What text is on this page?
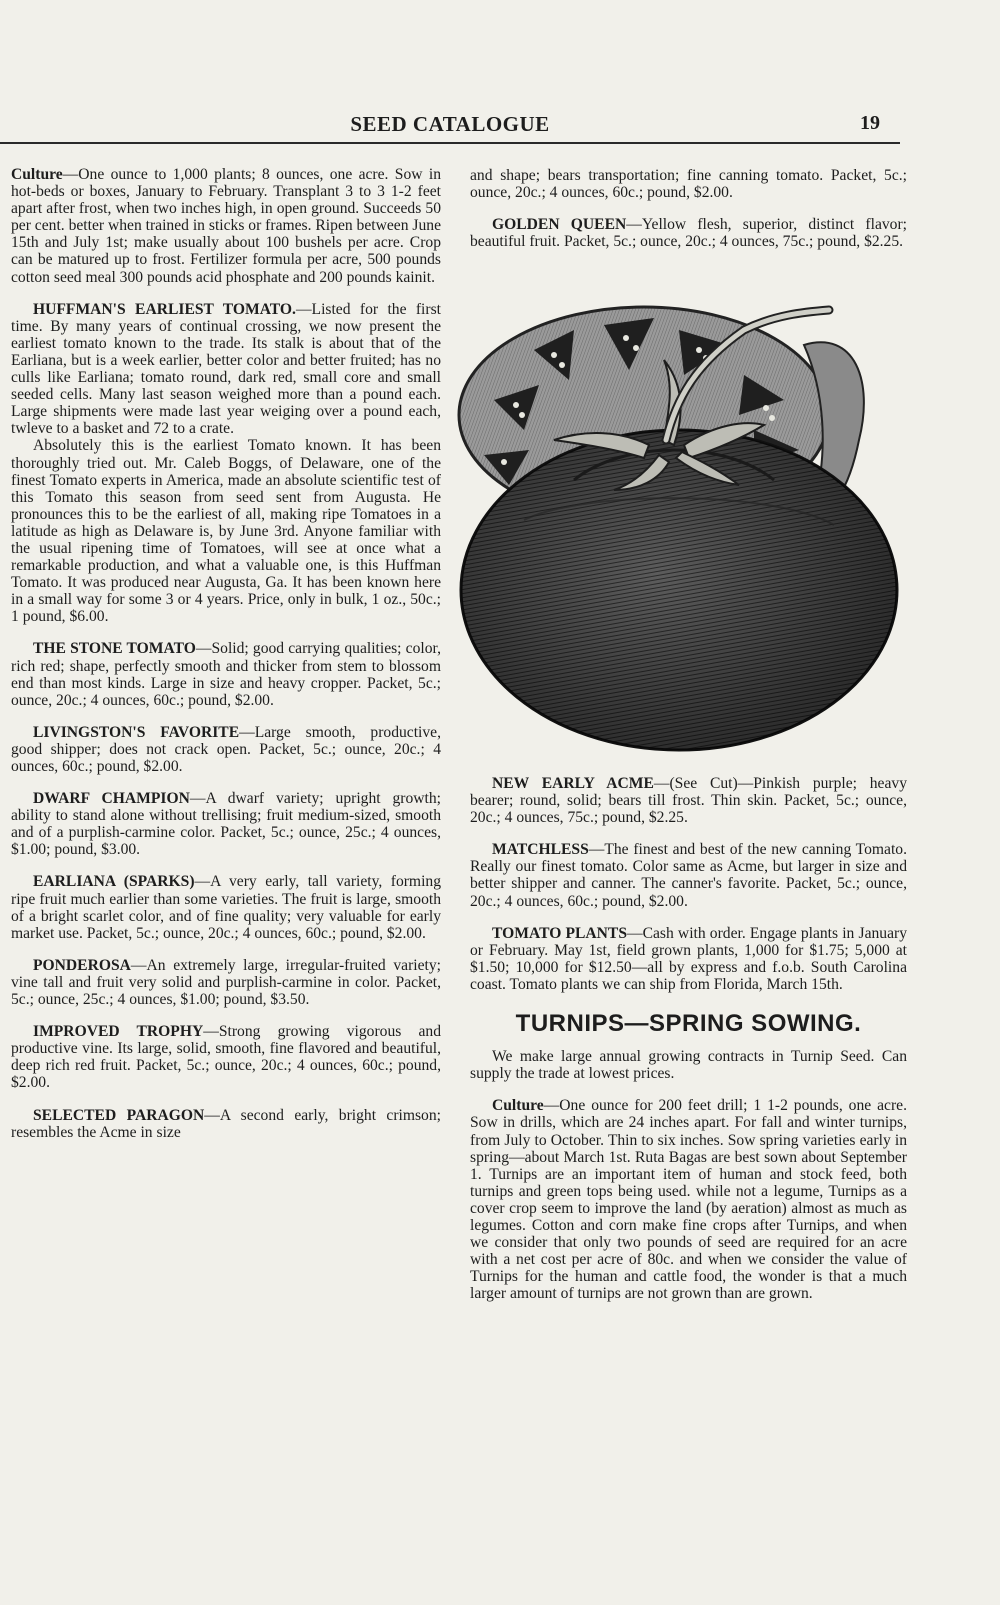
SEED CATALOGUE	19

Culture—One ounce to 1,000 plants; 8 ounces, one acre. Sow in hot-beds or boxes, January to February. Transplant 3 to 3 1-2 feet apart after frost, when two inches high, in open ground. Succeeds 50 per cent. better when trained in sticks or frames. Ripen between June 15th and July 1st; make usually about 100 bushels per acre. Crop can be matured up to frost. Fertilizer formula per acre, 500 pounds cotton seed meal 300 pounds acid phosphate and 200 pounds kainit.

HUFFMAN'S EARLIEST TOMATO.—Listed for the first time. By many years of continual crossing, we now present the earliest tomato known to the trade. Its stalk is about that of the Earliana, but is a week earlier, better color and better fruited; has no culls like Earliana; tomato round, dark red, small core and small seeded cells. Many last season weighed more than a pound each. Large shipments were made last year weiging over a pound each, twleve to a basket and 72 to a crate.

Absolutely this is the earliest Tomato known. It has been thoroughly tried out. Mr. Caleb Boggs, of Delaware, one of the finest Tomato experts in America, made an absolute scientific test of this Tomato this season from seed sent from Augusta. He pronounces this to be the earliest of all, making ripe Tomatoes in a latitude as high as Delaware is, by June 3rd. Anyone familiar with the usual ripening time of Tomatoes, will see at once what a remarkable production, and what a valuable one, is this Huffman Tomato. It was produced near Augusta, Ga. It has been known here in a small way for some 3 or 4 years. Price, only in bulk, 1 oz., 50c.; 1 pound, $6.00.

THE STONE TOMATO—Solid; good carrying qualities; color, rich red; shape, perfectly smooth and thicker from stem to blossom end than most kinds. Large in size and heavy cropper. Packet, 5c.; ounce, 20c.; 4 ounces, 60c.; pound, $2.00.

LIVINGSTON'S FAVORITE—Large smooth, productive, good shipper; does not crack open. Packet, 5c.; ounce, 20c.; 4 ounces, 60c.; pound, $2.00.

DWARF CHAMPION—A dwarf variety; upright growth; ability to stand alone without trellising; fruit medium-sized, smooth and of a purplish-carmine color. Packet, 5c.; ounce, 25c.; 4 ounces, $1.00; pound, $3.00.

EARLIANA (SPARKS)—A very early, tall variety, forming ripe fruit much earlier than some varieties. The fruit is large, smooth of a bright scarlet color, and of fine quality; very valuable for early market use. Packet, 5c.; ounce, 20c.; 4 ounces, 60c.; pound, $2.00.

PONDEROSA—An extremely large, irregular-fruited variety; vine tall and fruit very solid and purplish-carmine in color. Packet, 5c.; ounce, 25c.; 4 ounces, $1.00; pound, $3.50.

IMPROVED TROPHY—Strong growing vigorous and productive vine. Its large, solid, smooth, fine flavored and beautiful, deep rich red fruit. Packet, 5c.; ounce, 20c.; 4 ounces, 60c.; pound, $2.00.

SELECTED PARAGON—A second early, bright crimson; resembles the Acme in size

and shape; bears transportation; fine canning tomato. Packet, 5c.; ounce, 20c.; 4 ounces, 60c.; pound, $2.00.

GOLDEN QUEEN—Yellow flesh, superior, distinct flavor; beautiful fruit. Packet, 5c.; ounce, 20c.; 4 ounces, 75c.; pound, $2.25.

NEW EARLY ACME—(See Cut)—Pinkish purple; heavy bearer; round, solid; bears till frost. Thin skin. Packet, 5c.; ounce, 20c.; 4 ounces, 75c.; pound, $2.25.

MATCHLESS—The finest and best of the new canning Tomato. Really our finest tomato. Color same as Acme, but larger in size and better shipper and canner. The canner's favorite. Packet, 5c.; ounce, 20c.; 4 ounces, 60c.; pound, $2.00.

TOMATO PLANTS—Cash with order. Engage plants in January or February. May 1st, field grown plants, 1,000 for $1.75; 5,000 at $1.50; 10,000 for $12.50—all by express and f.o.b. South Carolina coast. Tomato plants we can ship from Florida, March 15th.

TURNIPS—SPRING SOWING.

We make large annual growing contracts in Turnip Seed. Can supply the trade at lowest prices.

Culture—One ounce for 200 feet drill; 1 1-2 pounds, one acre. Sow in drills, which are 24 inches apart. For fall and winter turnips, from July to October. Thin to six inches. Sow spring varieties early in spring—about March 1st. Ruta Bagas are best sown about September 1. Turnips are an important item of human and stock feed, both turnips and green tops being used. while not a legume, Turnips as a cover crop seem to improve the land (by aeration) almost as much as legumes. Cotton and corn make fine crops after Turnips, and when we consider that only two pounds of seed are required for an acre with a net cost per acre of 80c. and when we consider the value of Turnips for the human and cattle food, the wonder is that a much larger amount of turnips are not grown than are grown.
